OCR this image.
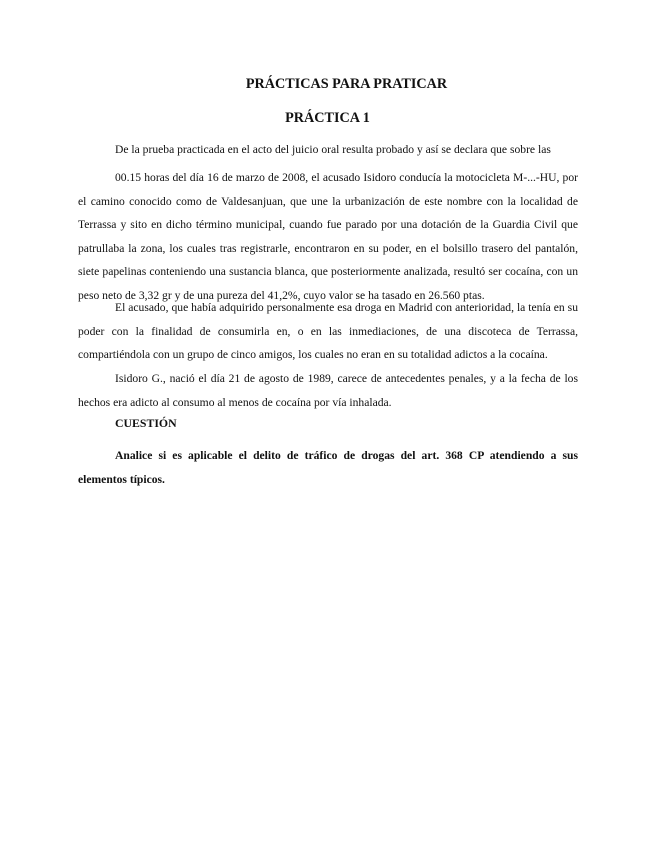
PRÁCTICAS PARA PRATICAR
PRÁCTICA 1

De la prueba practicada en el acto del juicio oral resulta probado y así se declara que sobre las

00.15 horas del día 16 de marzo de 2008, el acusado Isidoro conducía la motocicleta M-...-HU, por el camino conocido como de Valdesanjuan, que une la urbanización de este nombre con la localidad de Terrassa y sito en dicho término municipal, cuando fue parado por una dotación de la Guardia Civil que patrullaba la zona, los cuales tras registrarle, encontraron en su poder, en el bolsillo trasero del pantalón, siete papelinas conteniendo una sustancia blanca, que posteriormente analizada, resultó ser cocaína, con un peso neto de 3,32 gr y de una pureza del 41,2%, cuyo valor se ha tasado en 26.560 ptas.

El acusado, que había adquirido personalmente esa droga en Madrid con anterioridad, la tenía en su poder con la finalidad de consumirla en, o en las inmediaciones, de una discoteca de Terrassa, compartiéndola con un grupo de cinco amigos, los cuales no eran en su totalidad adictos a la cocaína.

Isidoro G., nació el día 21 de agosto de 1989, carece de antecedentes penales, y a la fecha de los hechos era adicto al consumo al menos de cocaína por vía inhalada.

CUESTIÓN

Analice si es aplicable el delito de tráfico de drogas del art. 368 CP atendiendo a sus elementos típicos.
